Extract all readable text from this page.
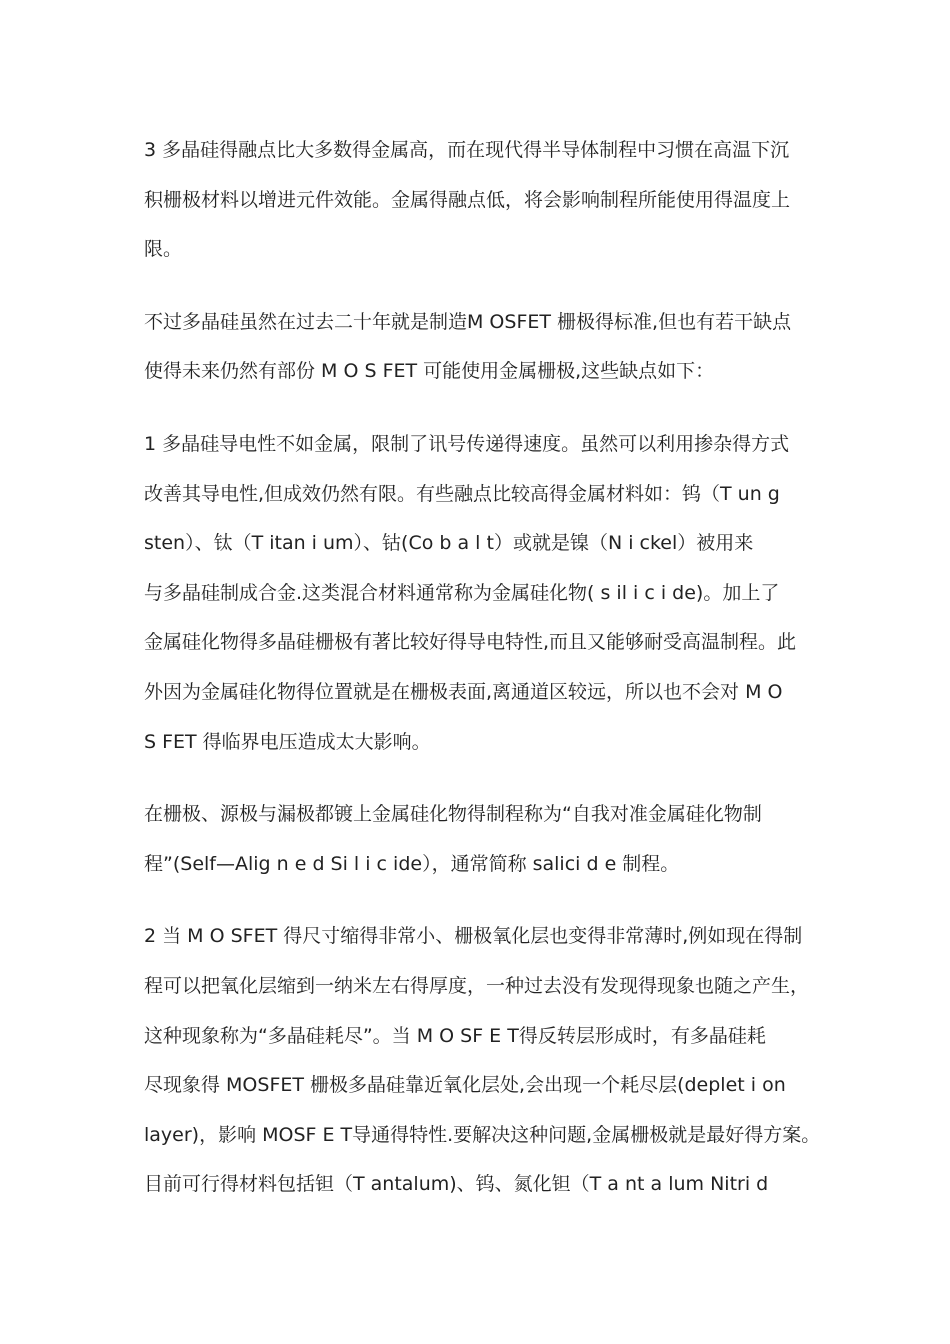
3 多晶硅得融点比大多数得金属高，而在现代得半导体制程中习惯在高温下沉
积栅极材料以增进元件效能。金属得融点低，将会影响制程所能使用得温度上
限。
不过多晶硅虽然在过去二十年就是制造M OSFET 栅极得标准,但也有若干缺点
使得未来仍然有部份 M O S FET 可能使用金属栅极,这些缺点如下：
1 多晶硅导电性不如金属，限制了讯号传递得速度。虽然可以利用掺杂得方式
改善其导电性,但成效仍然有限。有些融点比较高得金属材料如：钨（T un g
sten）、钛（T itan i um）、钴(Co b a l t）或就是镍（N i ckel）被用来
与多晶硅制成合金.这类混合材料通常称为金属硅化物( s il i c i de)。加上了
金属硅化物得多晶硅栅极有著比较好得导电特性,而且又能够耐受高温制程。此
外因为金属硅化物得位置就是在栅极表面,离通道区较远，所以也不会对 M O
S FET 得临界电压造成太大影响。
在栅极、源极与漏极都镀上金属硅化物得制程称为“自我对准金属硅化物制
程”(Self—Alig n e d Si l i c ide），通常简称 salici d e 制程。
2 当 M O SFET 得尺寸缩得非常小、栅极氧化层也变得非常薄时,例如现在得制
程可以把氧化层缩到一纳米左右得厚度，一种过去没有发现得现象也随之产生，
这种现象称为“多晶硅耗尽”。当 M O SF E T得反转层形成时，有多晶硅耗
尽现象得 MOSFET 栅极多晶硅靠近氧化层处,会出现一个耗尽层(deplet i on
layer)，影响 MOSF E T导通得特性.要解决这种问题,金属栅极就是最好得方案。
目前可行得材料包括钽（T antalum)、钨、氮化钽（T a nt a lum Nitri d
